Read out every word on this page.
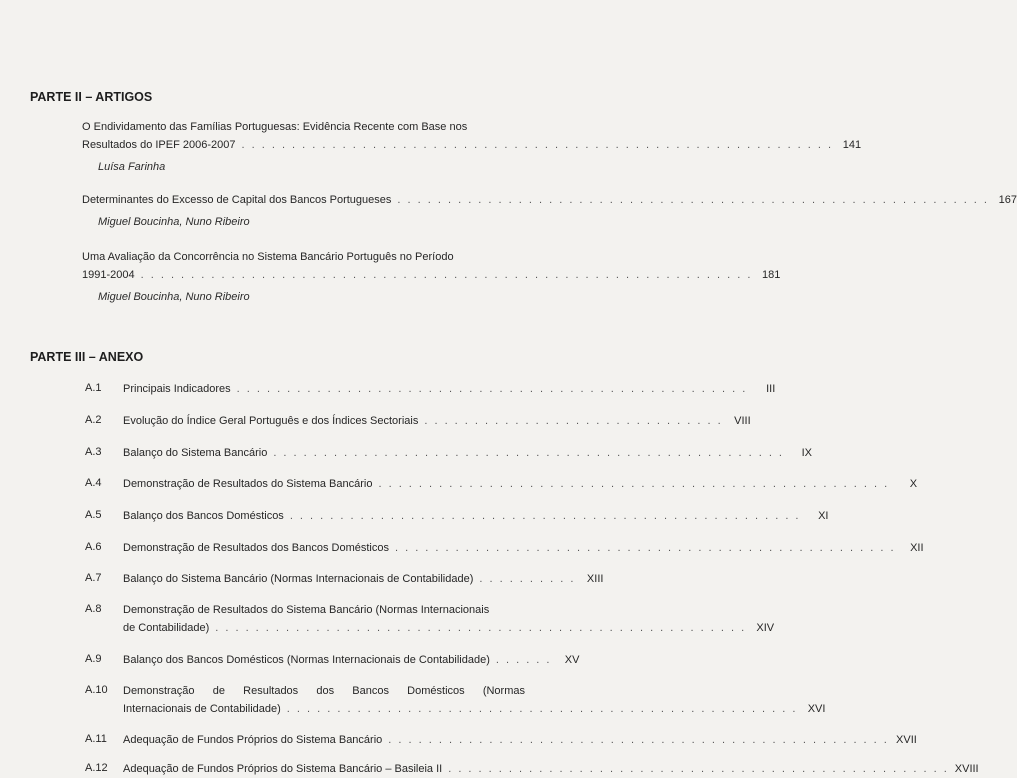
PARTE II – ARTIGOS
O Endividamento das Famílias Portuguesas: Evidência Recente com Base nos
Resultados do IPEF 2006-2007 . . . . . . . . . . . . . . . . . . . . . . . . . . . . . . . . . . . . . . . . . . . . . . . . . . . . . . . . . . . 141
Luísa Farinha
Determinantes do Excesso de Capital dos Bancos Portugueses . . . . . . . . . . . . . . . . . . . . . . . . . . . . . . . . . . . . . . . . . . . . . . . . . . . . . . . . . . . 167
Miguel Boucinha, Nuno Ribeiro
Uma Avaliação da Concorrência no Sistema Bancário Português no Período
1991-2004 . . . . . . . . . . . . . . . . . . . . . . . . . . . . . . . . . . . . . . . . . . . . . . . . . . . . . . . . . . . . . 181
Miguel Boucinha, Nuno Ribeiro
PARTE III – ANEXO
A.1 Principais Indicadores . . . . . . . . . . . . . . . . . . . . . . . . . . . . . . . . . . . . . . . . . . . . . . . . . . .	III
A.2 Evolução do Índice Geral Português e dos Índices Sectoriais . . . . . . . . . . . . . . . . . . . . . . . . . . . . . .	VIII
A.3 Balanço do Sistema Bancário . . . . . . . . . . . . . . . . . . . . . . . . . . . . . . . . . . . . . . . . . . . . . . . . . . .	IX
A.4 Demonstração de Resultados do Sistema Bancário . . . . . . . . . . . . . . . . . . . . . . . . . . . . . . . . . . . . . . . . . . . . . . . . . . .	X
A.5 Balanço dos Bancos Domésticos . . . . . . . . . . . . . . . . . . . . . . . . . . . . . . . . . . . . . . . . . . . . . . . . . . .	XI
A.6 Demonstração de Resultados dos Bancos Domésticos . . . . . . . . . . . . . . . . . . . . . . . . . . . . . . . . . . . . . . . . . . . . . . . . . .	XII
A.7 Balanço do Sistema Bancário (Normas Internacionais de Contabilidade) . . . . . . . . . .	XIII
A.8 Demonstração de Resultados do Sistema Bancário (Normas Internacionais
de Contabilidade) . . . . . . . . . . . . . . . . . . . . . . . . . . . . . . . . . . . . . . . . . . . . . . . . . . . . . XIV
A.9 Balanço dos Bancos Domésticos (Normas Internacionais de Contabilidade) . . . . . .	XV
A.10 Demonstração de Resultados dos Bancos Domésticos (Normas
Internacionais de Contabilidade) . . . . . . . . . . . . . . . . . . . . . . . . . . . . . . . . . . . . . . . . . . . . . . . . . . . XVI
A.11 Adequação de Fundos Próprios do Sistema Bancário . . . . . . . . . . . . . . . . . . . . . . . . . . . . . . . . . . . . . . . . . . . . . . . . . . XVII
A.12 Adequação de Fundos Próprios do Sistema Bancário – Basileia II . . . . . . . . . . . . . . . . . . . . . . . . . . . . . . . . . . . . . . . . . . . . . . . . . . XVIII
